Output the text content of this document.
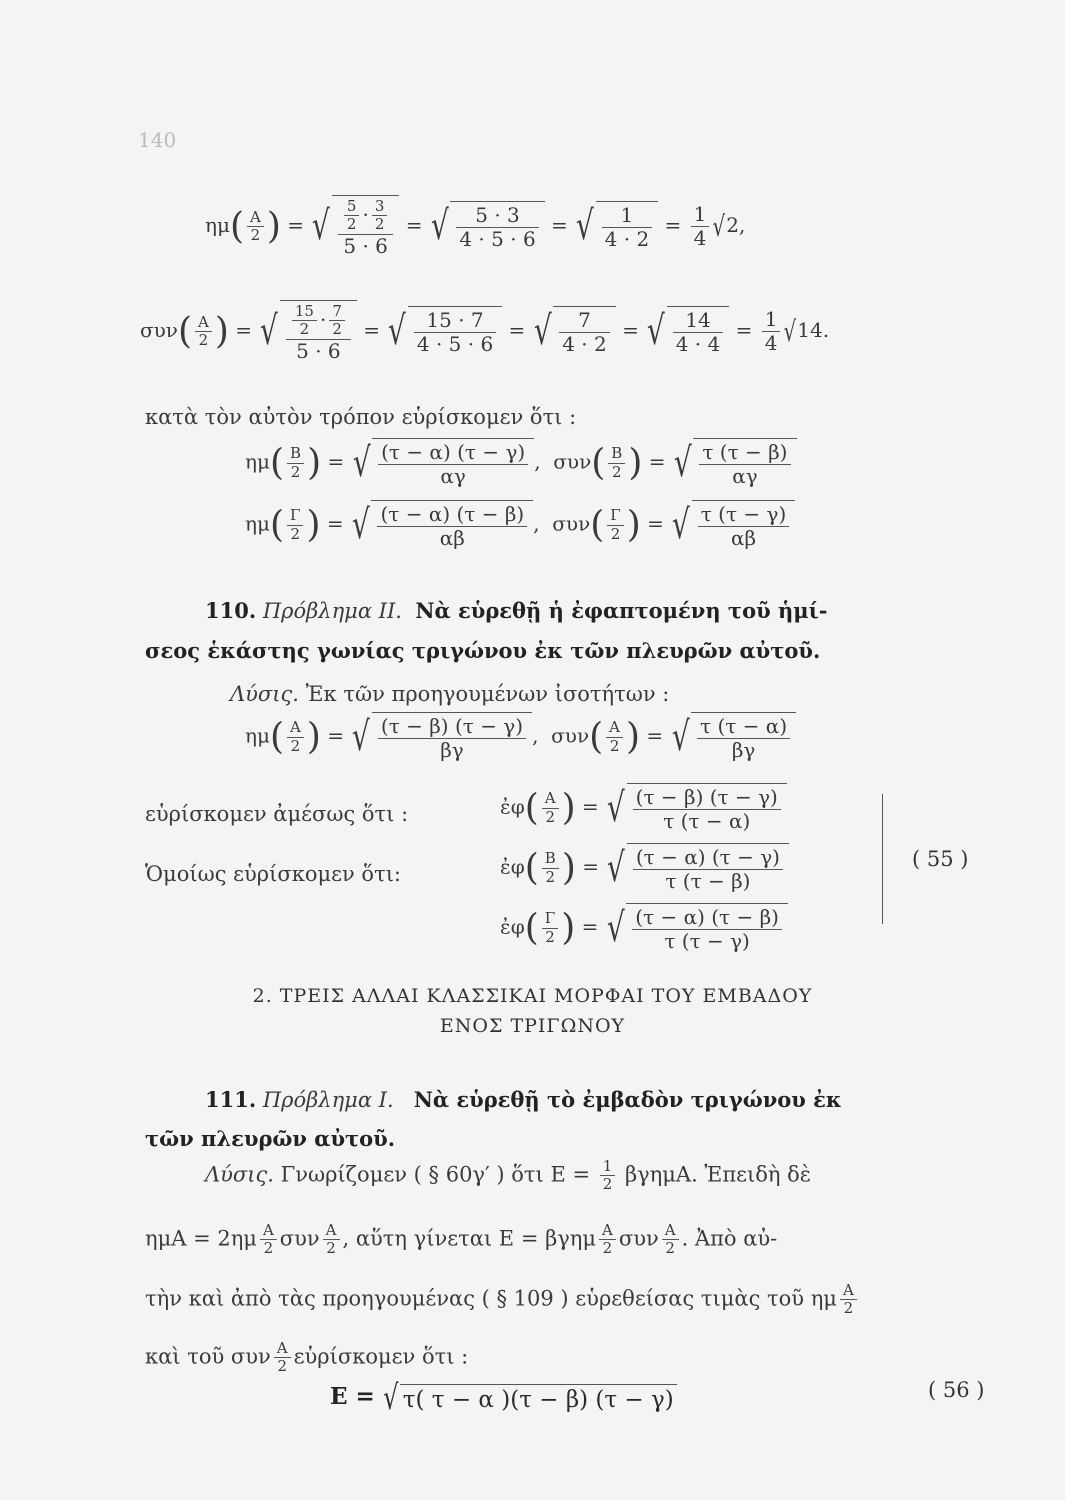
140
$\eta\mu( \frac{A}{2}$ ) = √ $\frac{\frac{5}{2} \cdot \frac{3}{2}}{5 \cdot 6}$ = √ $\frac{5 \cdot 3}{4 \cdot 5 \cdot 6}$ = √ $\frac{1}{4 \cdot 2} = \frac{1}{4} √2$,
$\sigma\upsilon\nu( \frac{A}{2}$ ) = √ $\frac{\frac{15}{2} \cdot \frac{7}{2}}{5 \cdot 6}$ = √ $\frac{15 \cdot 7}{4 \cdot 5 \cdot 6}$ = √ $\frac{7}{4 \cdot 2}$ = √ $\frac{14}{4 \cdot 4} = \frac{1}{4} √14$.
κατὰ τὸν αὐτὸν τρόπον εὑρίσκομεν ὅτι :
$\eta\mu( \frac{B}{2}$ ) = √ $\frac{(\tau - \alpha) (\tau - \gamma)}{\alpha\gamma}$ ,  $\sigma\upsilon\nu( \frac{B}{2}$ ) = √ $\frac{\tau (\tau - \beta)}{\alpha\gamma}$
$\eta\mu( \frac{\Gamma}{2}$ ) = √ $\frac{(\tau - \alpha) (\tau - \beta)}{\alpha\beta}$ ,  $\sigma\upsilon\nu( \frac{\Gamma}{2}$ ) = √ $\frac{\tau (\tau - \gamma)}{\alpha\beta}$
110. Πρόβλημα ΙΙ. Νὰ εὑρεθῇ ἡ ἐφαπτομένη τοῦ ἡμί-
σεος ἑκάστης γωνίας τριγώνου ἐκ τῶν πλευρῶν αὐτοῦ.
Λύσις. Ἐκ τῶν προηγουμένων ἰσοτήτων :
$\eta\mu( \frac{A}{2}$ ) = √ $\frac{(\tau - \beta) (\tau - \gamma)}{\beta\gamma}$ ,  $\sigma\upsilon\nu( \frac{A}{2}$ ) = √ $\frac{\tau (\tau - \alpha)}{\beta\gamma}$
εὑρίσκομεν ἀμέσως ὅτι :	ἐφ( $\frac{A}{2}$ ) = √ $\frac{(\tau - \beta) (\tau - \gamma)}{\tau (\tau - \alpha)}$
Ὁμοίως εὑρίσκομεν ὅτι:	ἐφ( $\frac{B}{2}$ ) = √ $\frac{(\tau - \alpha) (\tau - \gamma)}{\tau (\tau - \beta)}$
ἐφ( $\frac{\Gamma}{2}$ ) = √ $\frac{(\tau - \alpha) (\tau - \beta)}{\tau (\tau - \gamma)}$
( 55 )
2. ΤΡΕΙΣ ΑΛΛΑΙ ΚΛΑΣΣΙΚΑΙ ΜΟΡΦΑΙ ΤΟΥ ΕΜΒΑΔΟΥ
ΕΝΟΣ ΤΡΙΓΩΝΟΥ
111. Πρόβλημα Ι. Νὰ εὑρεθῇ τὸ ἐμβαδὸν τριγώνου ἐκ
τῶν πλευρῶν αὐτοῦ.
Λύσις. Γνωρίζομεν ( § 60γ′ ) ὅτι $E = \frac{1}{2} \beta\gamma\eta\mu A$. Ἐπειδὴ δὲ
$\eta\mu A = 2\eta\mu \frac{A}{2}$ συν $\frac{A}{2}$ , αὕτη γίνεται E = βγημ $\frac{A}{2}$ συν $\frac{A}{2}$ . Ἀπὸ αὐ-
τὴν καὶ ἀπὸ τὰς προηγουμένας ( § 109 ) εὑρεθείσας τιμὰς τοῦ ημ $\frac{A}{2}$
καὶ τοῦ συν $\frac{A}{2}$ εὑρίσκομεν ὅτι :
E = √ τ( τ − α )(τ − β) (τ − γ)	( 56 )
